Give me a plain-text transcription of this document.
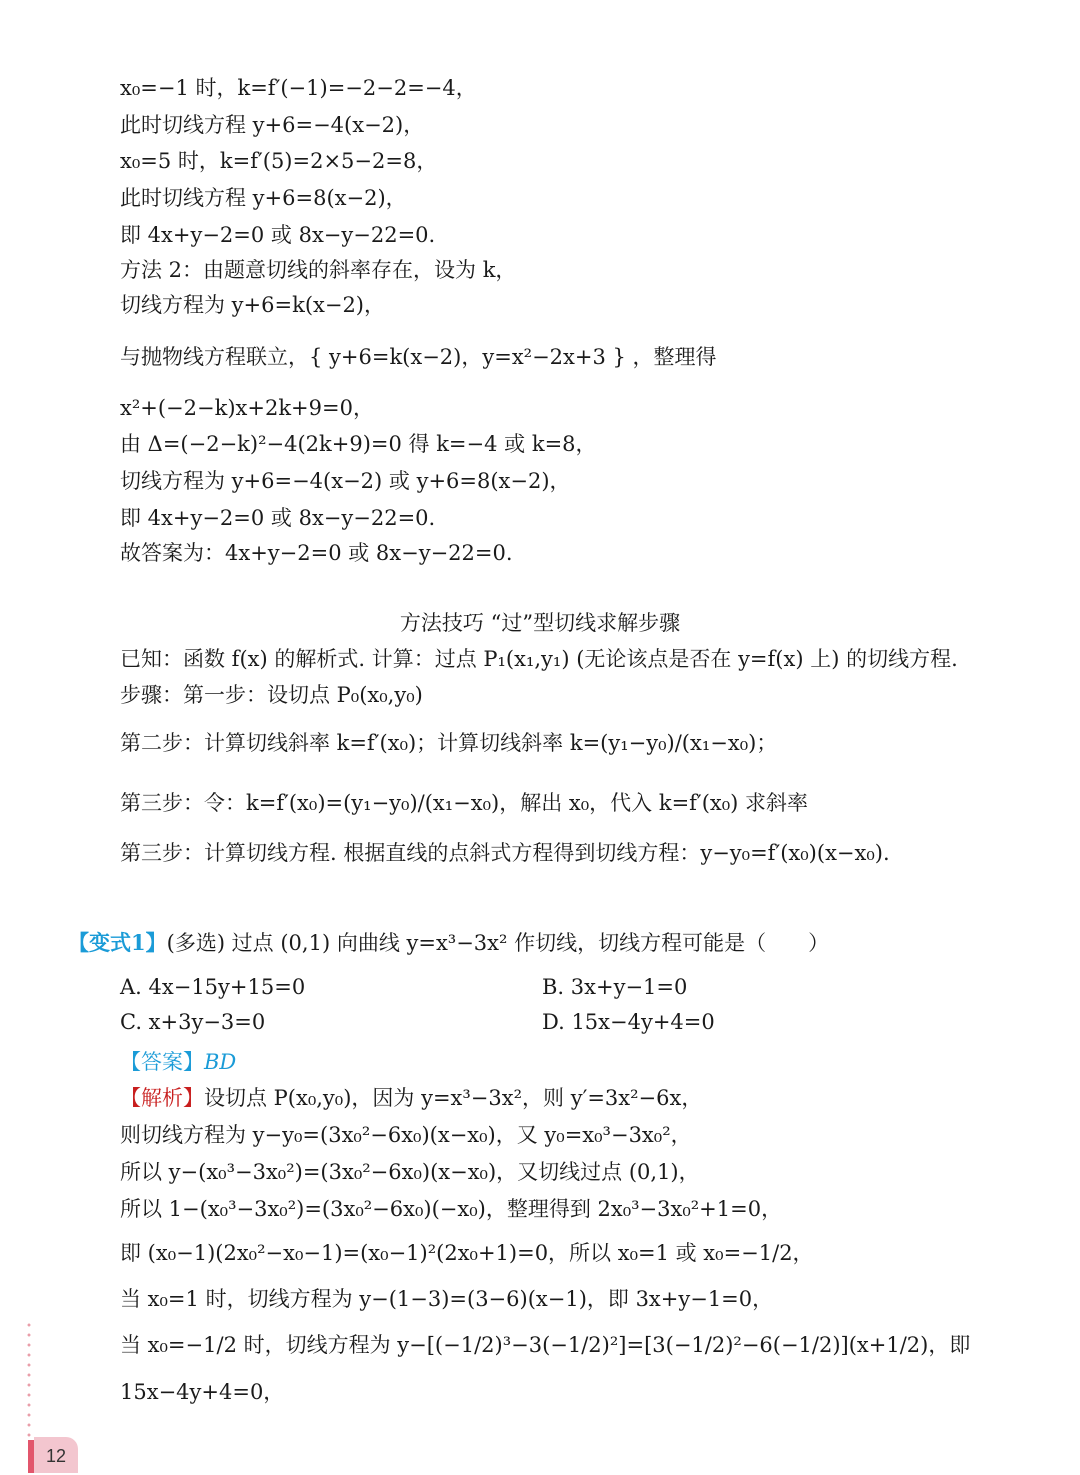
x₀=−1 时，k=f′(−1)=−2−2=−4，
此时切线方程 y+6=−4(x−2)，
x₀=5 时，k=f′(5)=2×5−2=8，
此时切线方程 y+6=8(x−2)，
即 4x+y−2=0 或 8x−y−22=0.
方法 2：由题意切线的斜率存在，设为 k，
切线方程为 y+6=k(x−2)，
与抛物线方程联立，{ y+6=k(x−2)，y=x²−2x+3 } ，整理得
x²+(−2−k)x+2k+9=0，
由 Δ=(−2−k)²−4(2k+9)=0 得 k=−4 或 k=8，
切线方程为 y+6=−4(x−2) 或 y+6=8(x−2)，
即 4x+y−2=0 或 8x−y−22=0.
故答案为：4x+y−2=0 或 8x−y−22=0.
方法技巧 “过”型切线求解步骤
已知：函数 f(x) 的解析式. 计算：过点 P₁(x₁,y₁) (无论该点是否在 y=f(x) 上) 的切线方程.
步骤：第一步：设切点 P₀(x₀,y₀)
第二步：计算切线斜率 k=f′(x₀)；计算切线斜率 k=(y₁−y₀)/(x₁−x₀)；
第三步：令：k=f′(x₀)=(y₁−y₀)/(x₁−x₀)，解出 x₀，代入 k=f′(x₀) 求斜率
第三步：计算切线方程. 根据直线的点斜式方程得到切线方程：y−y₀=f′(x₀)(x−x₀).
【变式1】(多选) 过点 (0,1) 向曲线 y=x³−3x² 作切线，切线方程可能是（　　）
A. 4x−15y+15=0	B. 3x+y−1=0
C. x+3y−3=0	D. 15x−4y+4=0
【答案】BD
【解析】设切点 P(x₀,y₀)，因为 y=x³−3x²，则 y′=3x²−6x，
则切线方程为 y−y₀=(3x₀²−6x₀)(x−x₀)，又 y₀=x₀³−3x₀²，
所以 y−(x₀³−3x₀²)=(3x₀²−6x₀)(x−x₀)，又切线过点 (0,1)，
所以 1−(x₀³−3x₀²)=(3x₀²−6x₀)(−x₀)，整理得到 2x₀³−3x₀²+1=0，
即 (x₀−1)(2x₀²−x₀−1)=(x₀−1)²(2x₀+1)=0，所以 x₀=1 或 x₀=−1/2，
当 x₀=1 时，切线方程为 y−(1−3)=(3−6)(x−1)，即 3x+y−1=0，
当 x₀=−1/2 时，切线方程为 y−[(−1/2)³−3(−1/2)²]=[3(−1/2)²−6(−1/2)](x+1/2)，即
15x−4y+4=0，
12
